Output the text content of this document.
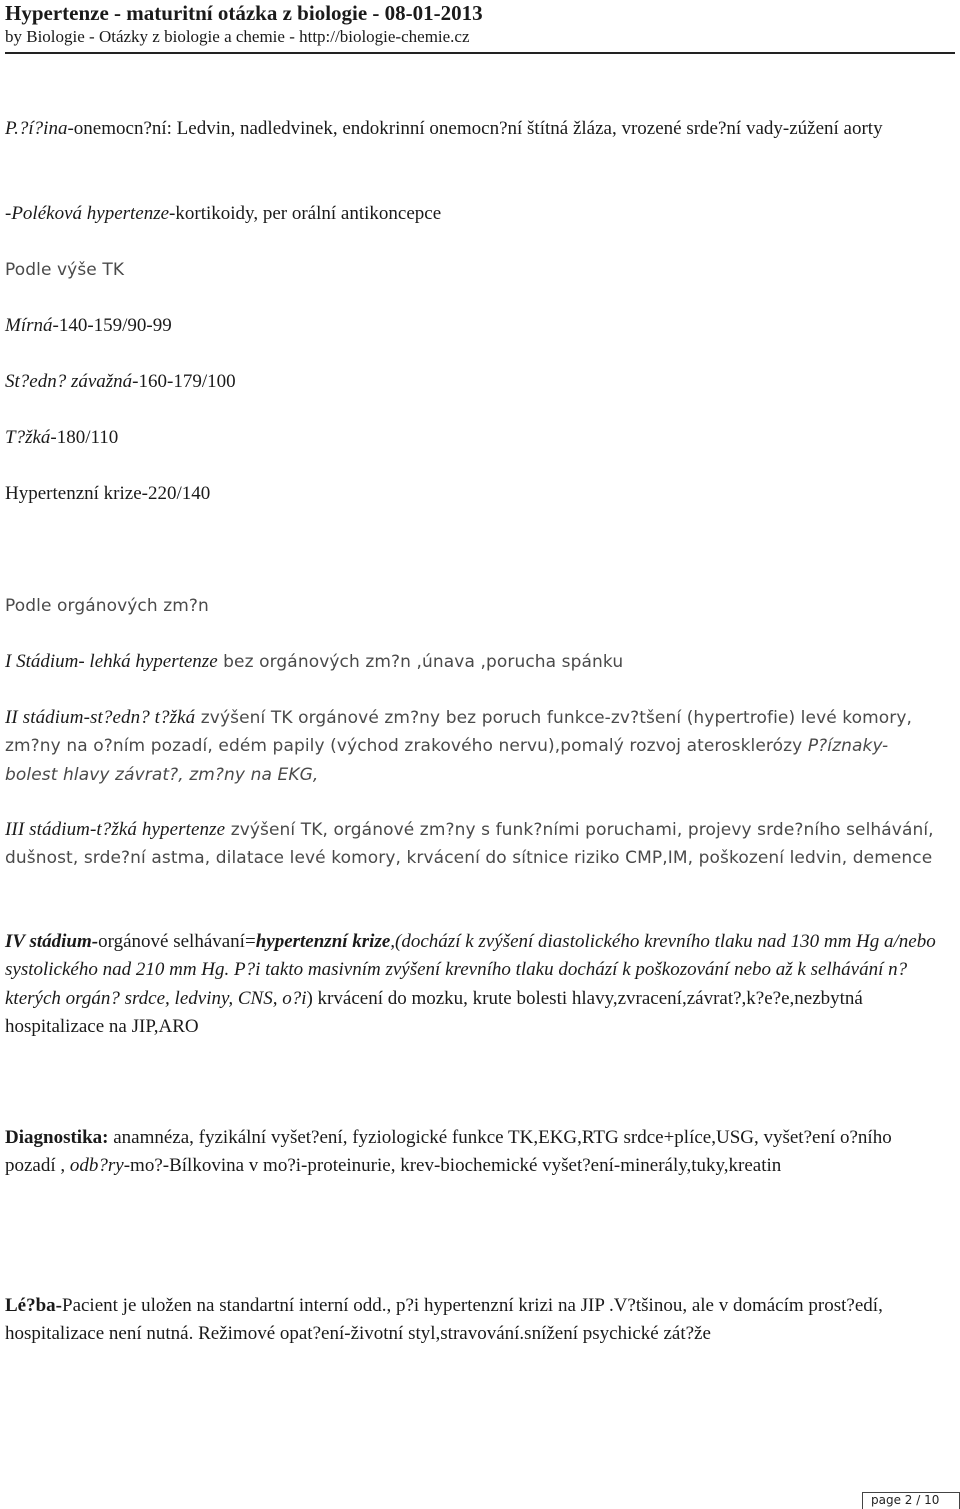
Hypertenze - maturitní otázka z biologie - 08-01-2013
by Biologie - Otázky z biologie a chemie - http://biologie-chemie.cz

P.?í?ina-onemocn?ní: Ledvin, nadledvinek, endokrinní onemocn?ní štítná žláza, vrozené srde?ní vady-zúžení aorty

-Poléková hypertenze-kortikoidy, per orální antikoncepce

Podle výše TK

Mírná-140-159/90-99

St?edn? závažná-160-179/100

T?žká-180/110

Hypertenzní krize-220/140

Podle orgánových zm?n

I Stádium- lehká hypertenze bez orgánových zm?n ,únava ,porucha spánku

II stádium-st?edn? t?žká zvýšení TK orgánové zm?ny bez poruch funkce-zv?tšení (hypertrofie) levé komory, zm?ny na o?ním pozadí, edém papily (východ zrakového nervu),pomalý rozvoj aterosklerózy P?íznaky-bolest hlavy závrat?, zm?ny na EKG,

III stádium-t?žká hypertenze zvýšení TK, orgánové zm?ny s funk?ními poruchami, projevy srde?ního selhávání, dušnost, srde?ní astma, dilatace levé komory, krvácení do sítnice riziko CMP,IM, poškození ledvin, demence

IV stádium-orgánové selhávaní=hypertenzní krize,(dochází k zvýšení diastolického krevního tlaku nad 130 mm Hg a/nebo systolického nad 210 mm Hg. P?i takto masivním zvýšení krevního tlaku dochází k poškozování nebo až k selhávání n?kterých orgán? srdce, ledviny, CNS, o?i) krvácení do mozku, krute bolesti hlavy,zvracení,závrat?,k?e?e,nezbytná hospitalizace na JIP,ARO

Diagnostika: anamnéza, fyzikální vyšet?ení, fyziologické funkce TK,EKG,RTG srdce+plíce,USG, vyšet?ení o?ního pozadí , odb?ry-mo?-Bílkovina v mo?i-proteinurie, krev-biochemické vyšet?ení-minerály,tuky,kreatin

Lé?ba-Pacient je uložen na standartní interní odd., p?i hypertenzní krizi na JIP .V?tšinou, ale v domácím prost?edí, hospitalizace není nutná. Režimové opat?ení-životní styl,stravování.snížení psychické zát?že

page 2 / 10
